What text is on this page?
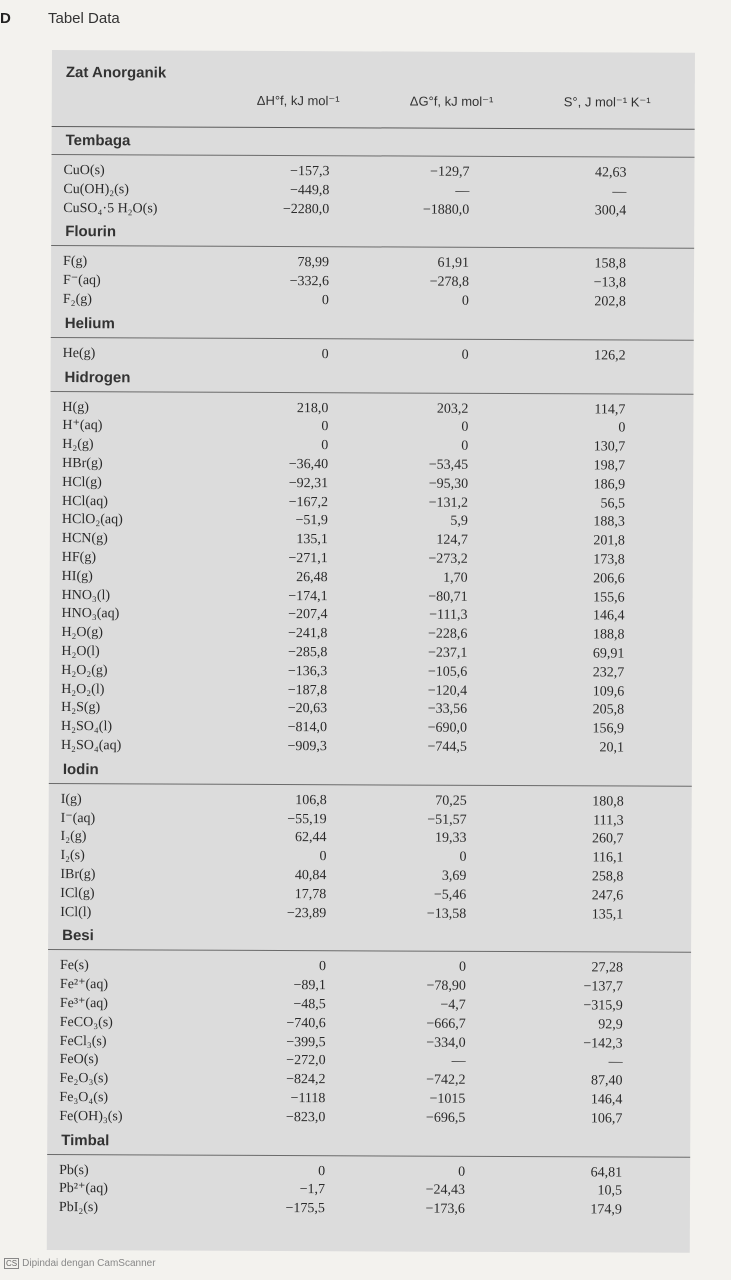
D Tabel Data
Zat Anorganik
ΔH°f, kJ mol⁻¹	ΔG°f, kJ mol⁻¹	S°, J mol⁻¹ K⁻¹
Tembaga
CuO(s)	−157,3	−129,7	42,63
Cu(OH)₂(s)	−449,8	—	—
CuSO₄·5 H₂O(s)	−2280,0	−1880,0	300,4
Flourin
F(g)	78,99	61,91	158,8
F⁻(aq)	−332,6	−278,8	−13,8
F₂(g)	0	0	202,8
Helium
He(g)	0	0	126,2
Hidrogen
H(g)	218,0	203,2	114,7
H⁺(aq)	0	0	0
H₂(g)	0	0	130,7
HBr(g)	−36,40	−53,45	198,7
HCl(g)	−92,31	−95,30	186,9
HCl(aq)	−167,2	−131,2	56,5
HClO₂(aq)	−51,9	5,9	188,3
HCN(g)	135,1	124,7	201,8
HF(g)	−271,1	−273,2	173,8
HI(g)	26,48	1,70	206,6
HNO₃(l)	−174,1	−80,71	155,6
HNO₃(aq)	−207,4	−111,3	146,4
H₂O(g)	−241,8	−228,6	188,8
H₂O(l)	−285,8	−237,1	69,91
H₂O₂(g)	−136,3	−105,6	232,7
H₂O₂(l)	−187,8	−120,4	109,6
H₂S(g)	−20,63	−33,56	205,8
H₂SO₄(l)	−814,0	−690,0	156,9
H₂SO₄(aq)	−909,3	−744,5	20,1
Iodin
I(g)	106,8	70,25	180,8
I⁻(aq)	−55,19	−51,57	111,3
I₂(g)	62,44	19,33	260,7
I₂(s)	0	0	116,1
IBr(g)	40,84	3,69	258,8
ICl(g)	17,78	−5,46	247,6
ICl(l)	−23,89	−13,58	135,1
Besi
Fe(s)	0	0	27,28
Fe²⁺(aq)	−89,1	−78,90	−137,7
Fe³⁺(aq)	−48,5	−4,7	−315,9
FeCO₃(s)	−740,6	−666,7	92,9
FeCl₃(s)	−399,5	−334,0	−142,3
FeO(s)	−272,0	—	—
Fe₂O₃(s)	−824,2	−742,2	87,40
Fe₃O₄(s)	−1118	−1015	146,4
Fe(OH)₃(s)	−823,0	−696,5	106,7
Timbal
Pb(s)	0	0	64,81
Pb²⁺(aq)	−1,7	−24,43	10,5
PbI₂(s)	−175,5	−173,6	174,9
CS Dipindai dengan CamScanner
